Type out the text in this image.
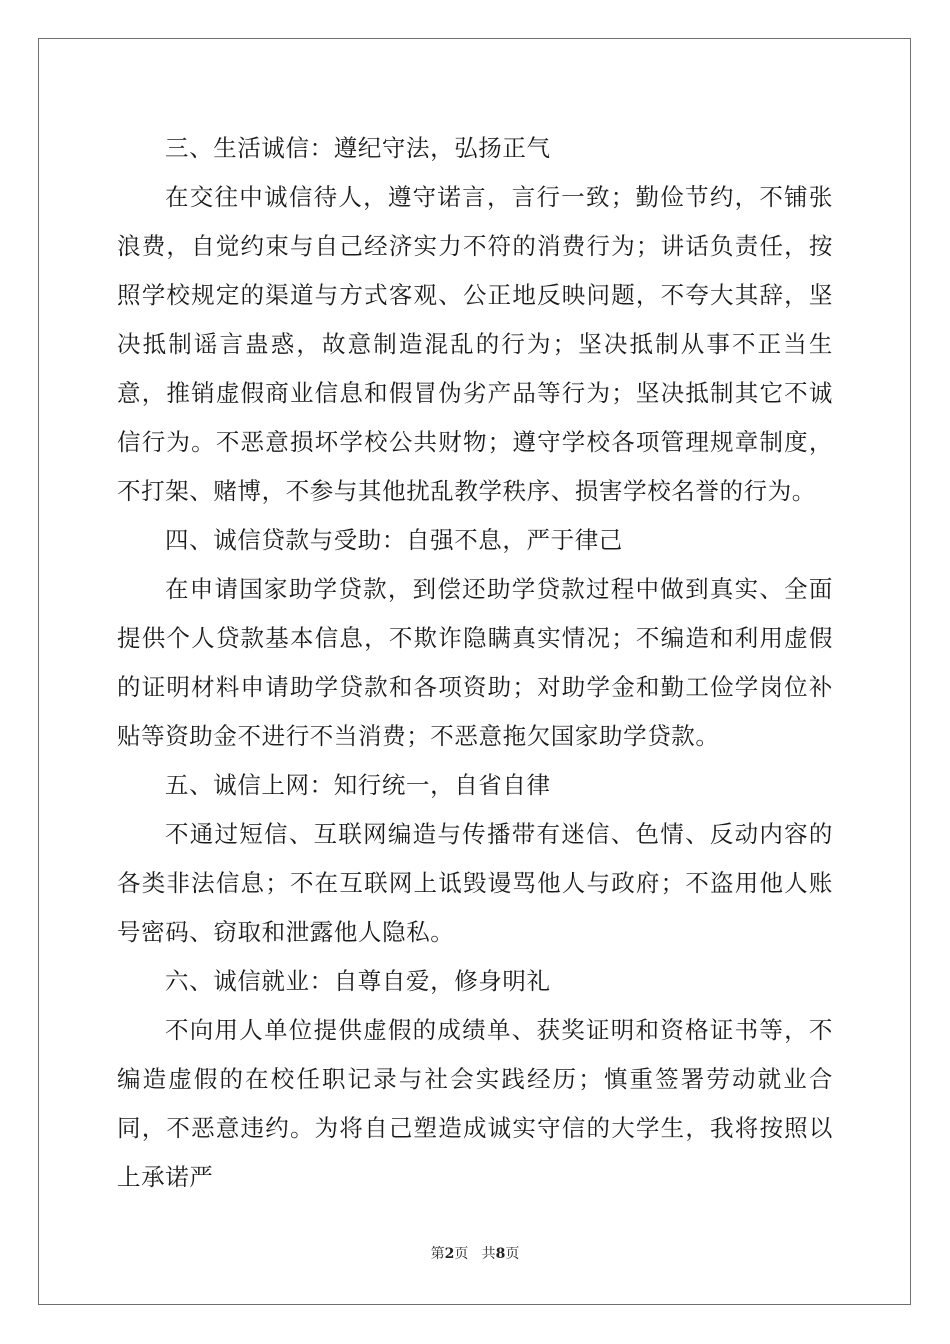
三、生活诚信：遵纪守法，弘扬正气

在交往中诚信待人，遵守诺言，言行一致；勤俭节约，不铺张浪费，自觉约束与自己经济实力不符的消费行为；讲话负责任，按照学校规定的渠道与方式客观、公正地反映问题，不夸大其辞，坚决抵制谣言蛊惑，故意制造混乱的行为；坚决抵制从事不正当生意，推销虚假商业信息和假冒伪劣产品等行为；坚决抵制其它不诚信行为。不恶意损坏学校公共财物；遵守学校各项管理规章制度，不打架、赌博，不参与其他扰乱教学秩序、损害学校名誉的行为。

四、诚信贷款与受助：自强不息，严于律己

在申请国家助学贷款，到偿还助学贷款过程中做到真实、全面提供个人贷款基本信息，不欺诈隐瞒真实情况；不编造和利用虚假的证明材料申请助学贷款和各项资助；对助学金和勤工俭学岗位补贴等资助金不进行不当消费；不恶意拖欠国家助学贷款。

五、诚信上网：知行统一，自省自律

不通过短信、互联网编造与传播带有迷信、色情、反动内容的各类非法信息；不在互联网上诋毁谩骂他人与政府；不盗用他人账号密码、窃取和泄露他人隐私。

六、诚信就业：自尊自爱，修身明礼

不向用人单位提供虚假的成绩单、获奖证明和资格证书等，不编造虚假的在校任职记录与社会实践经历；慎重签署劳动就业合同，不恶意违约。为将自己塑造成诚实守信的大学生，我将按照以上承诺严

第2页 共8页
